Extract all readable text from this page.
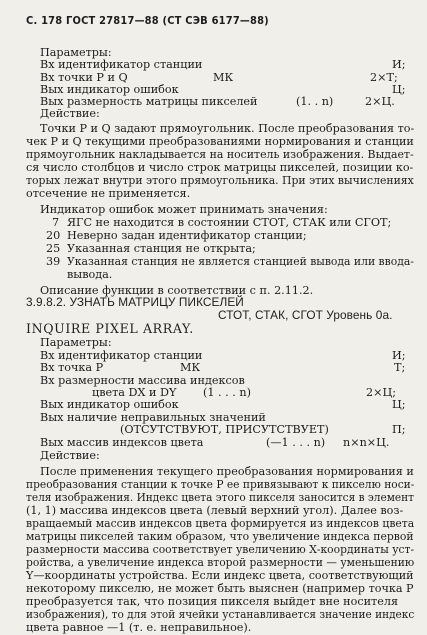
С. 178 ГОСТ 27817—88 (СТ СЭВ 6177—88)
Параметры:
Вх идентификатор станции	И;
Вх точки Р и Q	МК	2×Т;
Вых индикатор ошибок	Ц;
Вых размерность матрицы пикселей	(1. . n)	2×Ц.
Действие:
Точки Р и Q задают прямоугольник. После преобразования то-
чек Р и Q текущими преобразованиями нормирования и станции
прямоугольник накладывается на носитель изображения. Выдает-
ся число столбцов и число строк матрицы пикселей, позиции ко-
торых лежат внутри этого прямоугольника. При этих вычислениях
отсечение не применяется.
Индикатор ошибок может принимать значения:
7 ЯГС не находится в состоянии СТОТ, СТАК или СГОТ;
20 Неверно задан идентификатор станции;
25 Указанная станция не открыта;
39 Указанная станция не является станцией вывода или ввода-
вывода.
Описание функции в соответствии с п. 2.11.2.
3.9.8.2. УЗНАТЬ МАТРИЦУ ПИКСЕЛЕЙ
СТОТ, СТАК, СГОТ Уровень 0а.
INQUIRE PIXEL ARRAY.
Параметры:
Вх идентификатор станции	И;
Вх точка Р	МК	Т;
Вх размерности массива индексов
цвета DX и DY (1 . . . n)	2×Ц;
Вых индикатор ошибок	Ц;
Вых наличие неправильных значений
(ОТСУТСТВУЮТ, ПРИСУТСТВУЕТ)	П;
Вых массив индексов цвета	(—1 . . . n) n×n×Ц.
Действие:
После применения текущего преобразования нормирования и
преобразования станции к точке Р ее привязывают к пикселю носи-
теля изображения. Индекс цвета этого пикселя заносится в элемент
(1, 1) массива индексов цвета (левый верхний угол). Далее воз-
вращаемый массив индексов цвета формируется из индексов цвета
матрицы пикселей таким образом, что увеличение индекса первой
размерности массива соответствует увеличению Х-координаты уст-
ройства, а увеличение индекса второй размерности — уменьшению
Y—координаты устройства. Если индекс цвета, соответствующий
некоторому пикселю, не может быть выяснен (например точка Р
преобразуется так, что позиция пикселя выйдет вне носителя
изображения), то для этой ячейки устанавливается значение индекс
цвета равное —1 (т. е. неправильное).
